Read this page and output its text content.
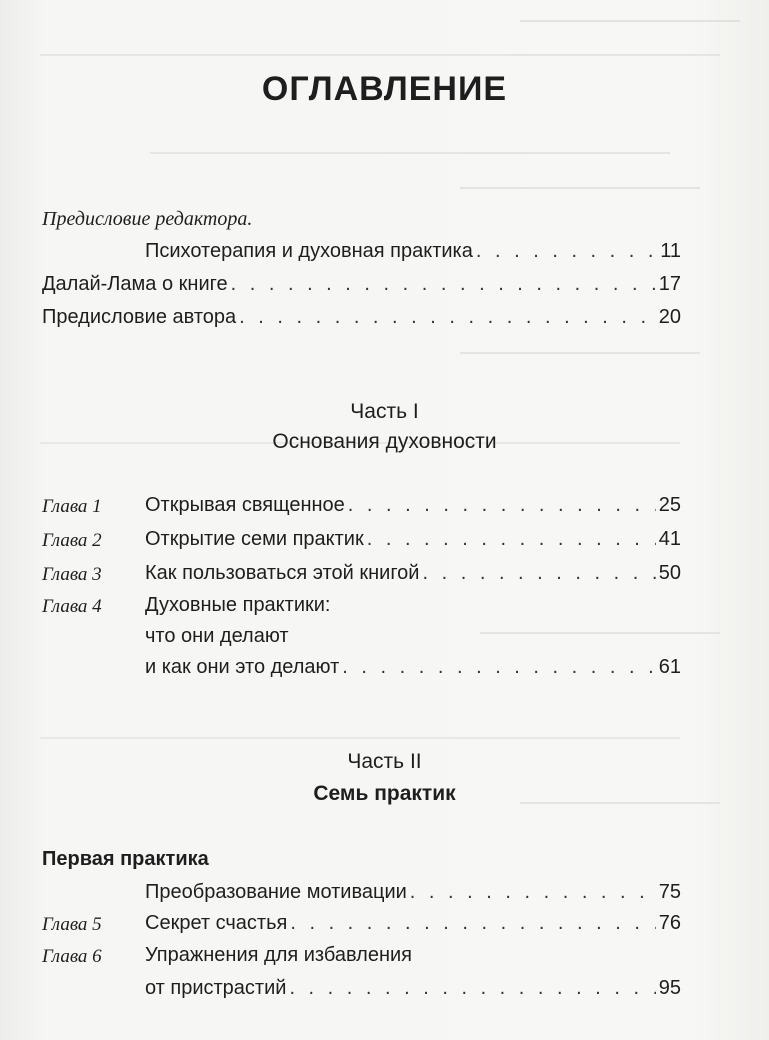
ОГЛАВЛЕНИЕ
Предисловие редактора.
Психотерапия и духовная практика . . .	11
Далай-Лама о книге . . .	17
Предисловие автора . . .	20
Часть I
Основания духовности
Глава 1 Открывая священное . . .	25
Глава 2 Открытие семи практик . . .	41
Глава 3 Как пользоваться этой книгой . . .	50
Глава 4 Духовные практики:
что они делают
и как они это делают . . .	61
Часть II
Семь практик
Первая практика
Преобразование мотивации . . .	75
Глава 5 Секрет счастья . . .	76
Глава 6 Упражнения для избавления
от пристрастий . . .	95
